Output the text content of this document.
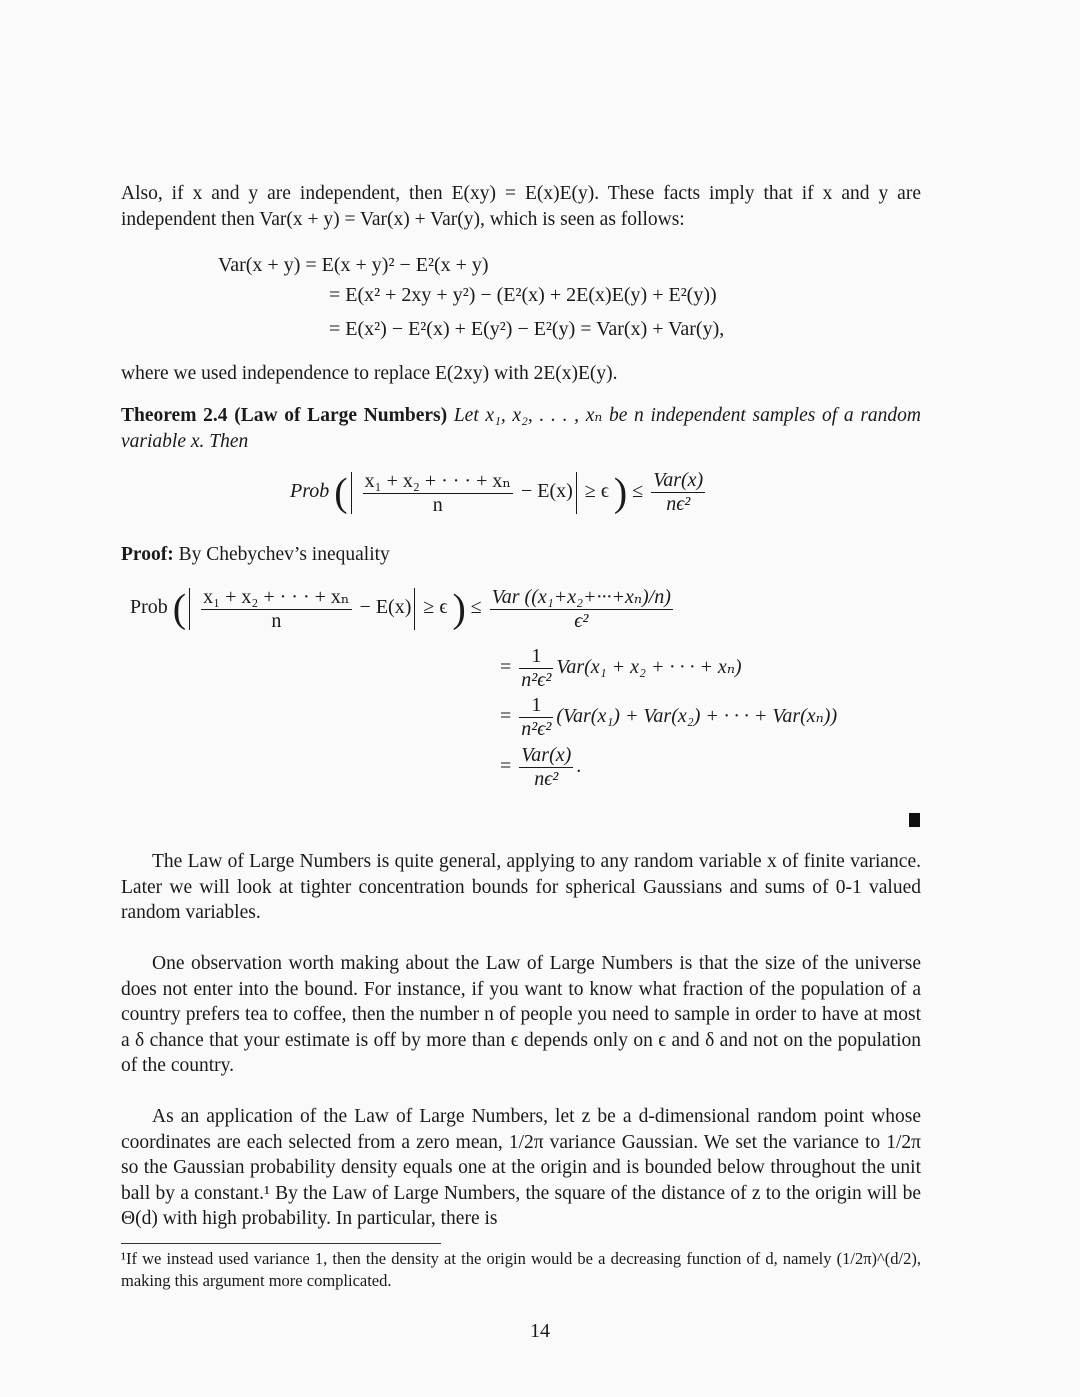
Also, if x and y are independent, then E(xy) = E(x)E(y). These facts imply that if x and y are independent then Var(x + y) = Var(x) + Var(y), which is seen as follows:
Var(x + y) = E(x + y)² − E²(x + y)
= E(x² + 2xy + y²) − (E²(x) + 2E(x)E(y) + E²(y))
= E(x²) − E²(x) + E(y²) − E²(y) = Var(x) + Var(y),
where we used independence to replace E(2xy) with 2E(x)E(y).
Theorem 2.4 (Law of Large Numbers) Let x₁, x₂, . . . , xₙ be n independent samples of a random variable x. Then
Prob ( $\frac{\text{x₁ + x₂ + · · · + xₙ}}{n} - E(x) \ge \epsilon$ ) ≤ $\frac{\text{Var(x)}}{\text{nϵ²}}$
Proof: By Chebychev’s inequality
Prob ( $\frac{\text{x₁ + x₂ + · · · + xₙ}}{n} - E(x) \ge \epsilon$ ) ≤ $\frac{\text{Var ((x₁+x₂+···+xₙ)/n)}}{\text{ϵ²}}$
= $\frac{1}{\text{n²ϵ²}} Var(x_1 + x_2$ + · · · + xₙ)
= $\frac{1}{\text{n²ϵ²}} (Var(x_1) + Var(x_2)$ + · · · + Var(xₙ))
= $\frac{\text{Var(x)}}{\text{nϵ²}}$ .
The Law of Large Numbers is quite general, applying to any random variable x of finite variance. Later we will look at tighter concentration bounds for spherical Gaussians and sums of 0-1 valued random variables.
One observation worth making about the Law of Large Numbers is that the size of the universe does not enter into the bound. For instance, if you want to know what fraction of the population of a country prefers tea to coffee, then the number n of people you need to sample in order to have at most a δ chance that your estimate is off by more than ϵ depends only on ϵ and δ and not on the population of the country.
As an application of the Law of Large Numbers, let z be a d-dimensional random point whose coordinates are each selected from a zero mean, 1/2π variance Gaussian. We set the variance to 1/2π so the Gaussian probability density equals one at the origin and is bounded below throughout the unit ball by a constant.¹ By the Law of Large Numbers, the square of the distance of z to the origin will be Θ(d) with high probability. In particular, there is
¹If we instead used variance 1, then the density at the origin would be a decreasing function of d, namely (1/2π)^(d/2), making this argument more complicated.
14
